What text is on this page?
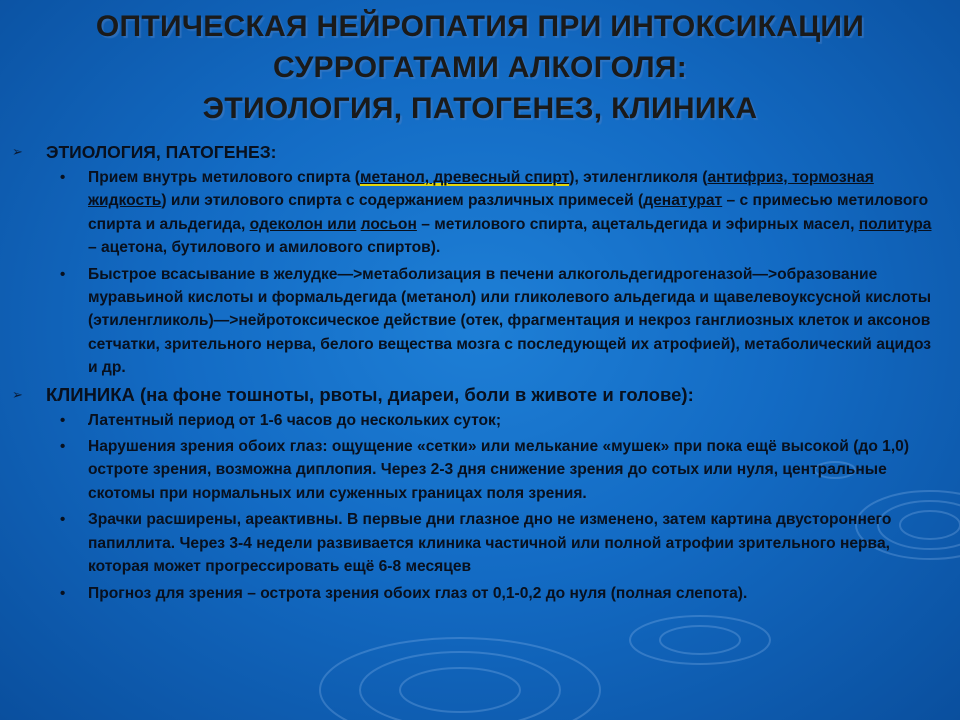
ОПТИЧЕСКАЯ НЕЙРОПАТИЯ ПРИ ИНТОКСИКАЦИИ
СУРРОГАТАМИ АЛКОГОЛЯ:
ЭТИОЛОГИЯ, ПАТОГЕНЕЗ, КЛИНИКА
➢ ЭТИОЛОГИЯ, ПАТОГЕНЕЗ:
• Прием внутрь метилового спирта (метанол, древесный спирт), этиленгликоля (антифриз, тормозная жидкость) или этилового спирта с содержанием различных примесей (денатурат – с примесью метилового спирта и альдегида, одеколон или лосьон – метилового спирта, ацетальдегида и эфирных масел, политура – ацетона, бутилового и амилового спиртов).
• Быстрое всасывание в желудке—>метаболизация в печени алкогольдегидрогеназой—>образование муравьиной кислоты и формальдегида (метанол) или гликолевого альдегида и щавелевоуксусной кислоты (этиленгликоль)—>нейротоксическое действие (отек, фрагментация и некроз ганглиозных клеток и аксонов сетчатки, зрительного нерва, белого вещества мозга с последующей их атрофией), метаболический ацидоз и др.
➢ КЛИНИКА (на фоне тошноты, рвоты, диареи, боли в животе и голове):
• Латентный период от 1-6 часов до нескольких суток;
• Нарушения зрения обоих глаз: ощущение «сетки» или мелькание «мушек» при пока ещё высокой (до 1,0) остроте зрения, возможна диплопия. Через 2-3 дня снижение зрения до сотых или нуля, центральные скотомы при нормальных или суженных границах поля зрения.
• Зрачки расширены, ареактивны. В первые дни глазное дно не изменено, затем картина двустороннего папиллита. Через 3-4 недели развивается клиника частичной или полной атрофии зрительного нерва, которая может прогрессировать ещё 6-8 месяцев
• Прогноз для зрения – острота зрения обоих глаз от 0,1-0,2 до нуля (полная слепота).
